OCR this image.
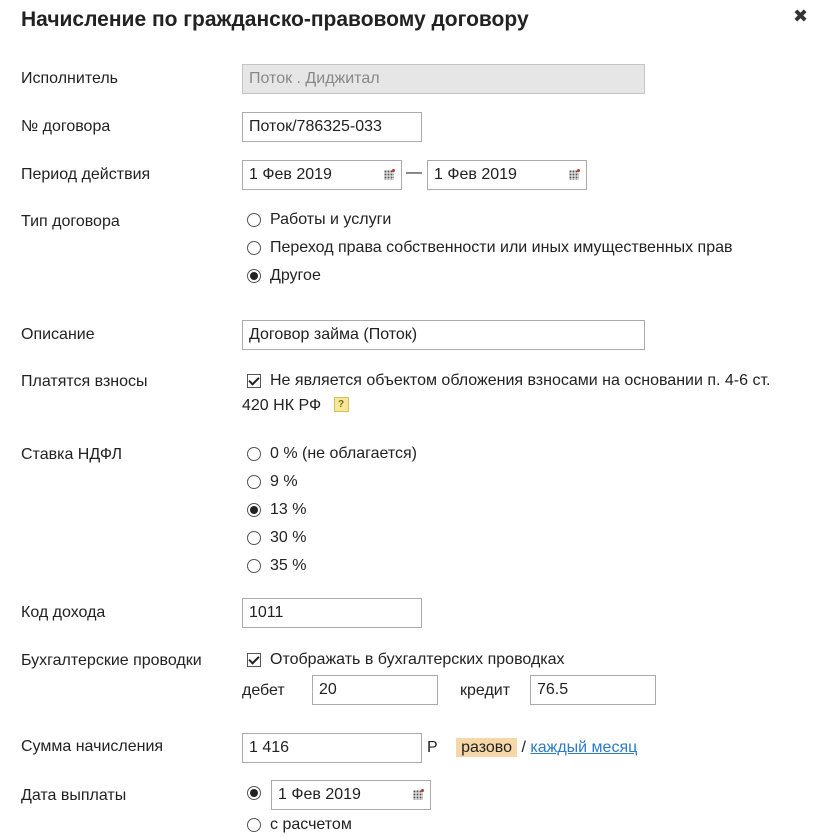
Начисление по гражданско-правовому договору	✖
Исполнитель	Поток . Диджитал
№ договора	Поток/786325-033
Период действия	1 Фев 2019	— 1 Фев 2019
Тип договора	Работы и услуги
Переход права собственности или иных имущественных прав
Другое
Описание	Договор займа (Поток)
Платятся взносы	Не является объектом обложения взносами на основании п. 4-6 ст.
420 НК РФ ?
Ставка НДФЛ	0 % (не облагается)
9 %
13 %
30 %
35 %
Код дохода	1011
Бухгалтерские проводки	Отображать в бухгалтерских проводках
дебет	20	кредит	76.5
Сумма начисления	1 416	Р разово / каждый месяц
Дата выплаты	1 Фев 2019
с расчетом
